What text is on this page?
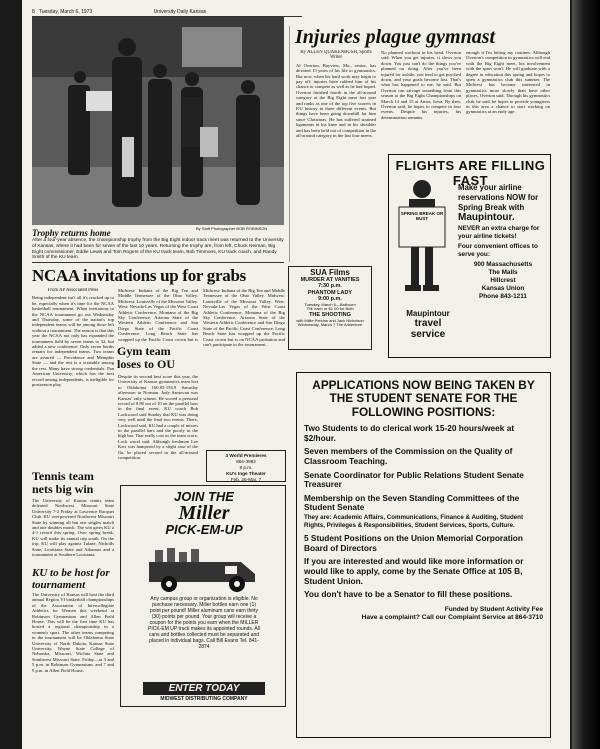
8 Tuesday, March 6, 1973	University Daily Kansan
By Staff Photographer BOB ROBINSON
Trophy returns home
After a four-year absence, the championship trophy from the Big Eight indoor track meet was returned to the University of Kansas, where it had been for seven of the last 10 years. Returning the trophy are, from left, Chuck Neiman, Big Eight commissioner, Eddie Lewis and Tom Rogers of the KU track team, Bob Timmons, KU track coach, and Randy Smith of the KU team.
NCAA invitations up for grabs
From AP Associated Press
Being independent isn't all it's cracked up to be, especially when it's time for the NCAA basketball tournament. When invitations to the NCAA tournament go out Wednesday and Thursday, some of the nation's top independent teams will be among those left without a tournament. The reason is that this year the NCAA not only has expanded the tournament field by seven teams to 32, but added a new conference. Only seven berths remain for independent teams. Two teams are assured — Providence and Memphis State — and the rest is a scramble among the rest. Many have strong credentials. Pan American University, which has the best record among independents, is ineligible for postseason play.
Midwest: Indiana of the Big Ten and Middle Tennessee of the Ohio Valley. Midwest: Louisville of the Missouri Valley. West: Nevada-Las Vegas of the West Coast Athletic Conference, Montana of the Big Sky Conference, Arizona State of the Western Athletic Conference and San Diego State of the Pacific Coast Conference. Long Beach State has wrapped up the Pacific Coast crown but is
Midwest: Indiana of the Big Ten and Middle Tennessee of the Ohio Valley. Midwest: Louisville of the Missouri Valley. West: Nevada-Las Vegas of the West Coast Athletic Conference, Montana of the Big Sky Conference, Arizona State of the Western Athletic Conference and San Diego State of the Pacific Coast Conference. Long Beach State has wrapped up the Pacific Coast crown but is on NCAA probation and can't participate in the tournament.
Gym team loses to OU
Despite its second best score this year, the University of Kansas gymnastics team lost to Oklahoma 160.05-156.9 Saturday afternoon in Norman. Jody Santovan was Kansas' only winner. He scored a personal record of 8.80 out of 10 on the parallel bars in the final event. KU coach Bob Lockwood said Sunday that KU was doing very well until the final two events. There, Lockwood said, KU had a couple of misses in the parallel bars and the poorly in the high bar. That really cost us the team score, Lock wood said. Although freshman Lee Kerr was hampered by a slight case of the flu, he placed second in the all-around competition.	3 World Premieres
864-3982
8 p.m.
KU's Inge Theater
Feb. 26-Mar. 7
Tennis team nets big win
The University of Kansas tennis team defeated Northwest Missouri State University 7-2 Friday at Lawrence Racquet Club. KU overpowered Northwest Missouri State by winning all but one singles match and one doubles match. The win gives KU a 4-1 record this spring. Over spring break, KU will make its annual trip south. On the trip, KU will play against Tulane, Nicholls State, Louisiana State and Arkansas and a tournament at Southern Louisiana.
KU to be host for tournament
The University of Kansas will host the third annual Region VI basketball championships of the Association of Intercollegiate Athletics for Women this weekend at Robinson Gymnasium and Allen Field House. This will be the first time KU has hosted a regional championship in a women's sport. The other teams competing in the tournament will be Oklahoma State University of North Dakota, Kansas State University, Wayne State College of Nebraska, Missouri, Wichita State and Southwest Missouri State. Friday—at 3 and 5 p.m. in Robinson Gymnasium; and 7 and 9 p.m. in Allen Field House.
JOIN THE
Miller
PICK-EM-UP
Any campus group or organization is eligible. No purchase necessary. Miller bottles earn one (1) point per pound! Miller aluminum cans earn thirty (30) points per pound. Your group will receive a coupon for the points you earn when the MILLER PICK-EM UP truck makes its appointed rounds. All cans and bottles collected must be separated and placed in individual bags. Call Bill Evans Tel. 841-2874
ENTER TODAY
MIDWEST DISTRIBUTING COMPANY
Injuries plague gymnast
By ALLEN QUAKENBUSH, Sports Writer
Al Overton, Bayview, Mo., senior, has devoted 15 years of his life to gymnastics. But now, when his hard work may begin to pay off, injuries have robbed him of his chance to compete as well as he had hoped. Overton finished fourth in the all-around category at the Big Eight meet last year and ranks as one of the top five scorers in KU history in three different events. But things have been going downhill for him since Christmas. He has suffered strained ligaments in his knee and in his shoulder and has been held out of competition in the all-around category in the last four meets.
No planned workout in his head, Overton said. When you get injuries, it slows you down. You just can't do the things you've planned on doing. After you've been injured for awhile, you tend to get psyched down, and your goals become lost. That's what has happened to me, he said. But Overton can salvage something from this season at the Big Eight Championships on March 14 and 15 at Ames, Iowa. By then, Overton said, he hopes to compete in four events. Despite his injuries, his determination remains.
enough if I'm hitting my routines. Although Overton's competition in gymnastics will end with the Big Eight meet, his involvement with the sport won't. He will graduate with a degree in education this spring and hopes to open a gymnastics club this summer. The Midwest has become interested in gymnastics more slowly than have other places, Overton said. Through his gymnastics club, he said, he hopes to provide youngsters in this area a chance to start working on gymnastics at an early age.
SUA Films
MURDER AT VANITIES
7:30 p.m.
PHANTOM LADY
9:00 p.m.
Tuesday, March 6—Ballroom
75¢ each or $1.00 for Both
THE SHOOTING
with Millie Perkins and Jack Nicholson
Wednesday, March 7 The Adventure
FLIGHTS ARE FILLING FAST
SPRING BREAK OR BUST
Make your airline reservations NOW for Spring Break with
Maupintour.
NEVER an extra charge for your airline tickets!
Four convenient offices to serve you:
900 Massachusetts
The Malls
Hillcrest
Kansas Union
Phone 843-1211
Maupintour
travel service
APPLICATIONS NOW BEING TAKEN BY THE STUDENT SENATE FOR THE FOLLOWING POSITIONS:
Two Students to do clerical work 15-20 hours/week at $2/hour.
Seven members of the Commission on the Quality of Classroom Teaching.
Senate Coordinator for Public Relations Student Senate Treasurer
Membership on the Seven Standing Committees of the Student Senate
They are: Academic Affairs, Communications, Finance & Auditing, Student Rights, Privileges & Responsibilities, Student Services, Sports, Culture.
5 Student Positions on the Union Memorial Corporation Board of Directors
If you are interested and would like more information or would like to apply, come by the Senate Office at 105 B, Student Union.
You don't have to be a Senator to fill these positions.
Funded by Student Activity Fee
Have a complaint? Call our Complaint Service at 864-3710
